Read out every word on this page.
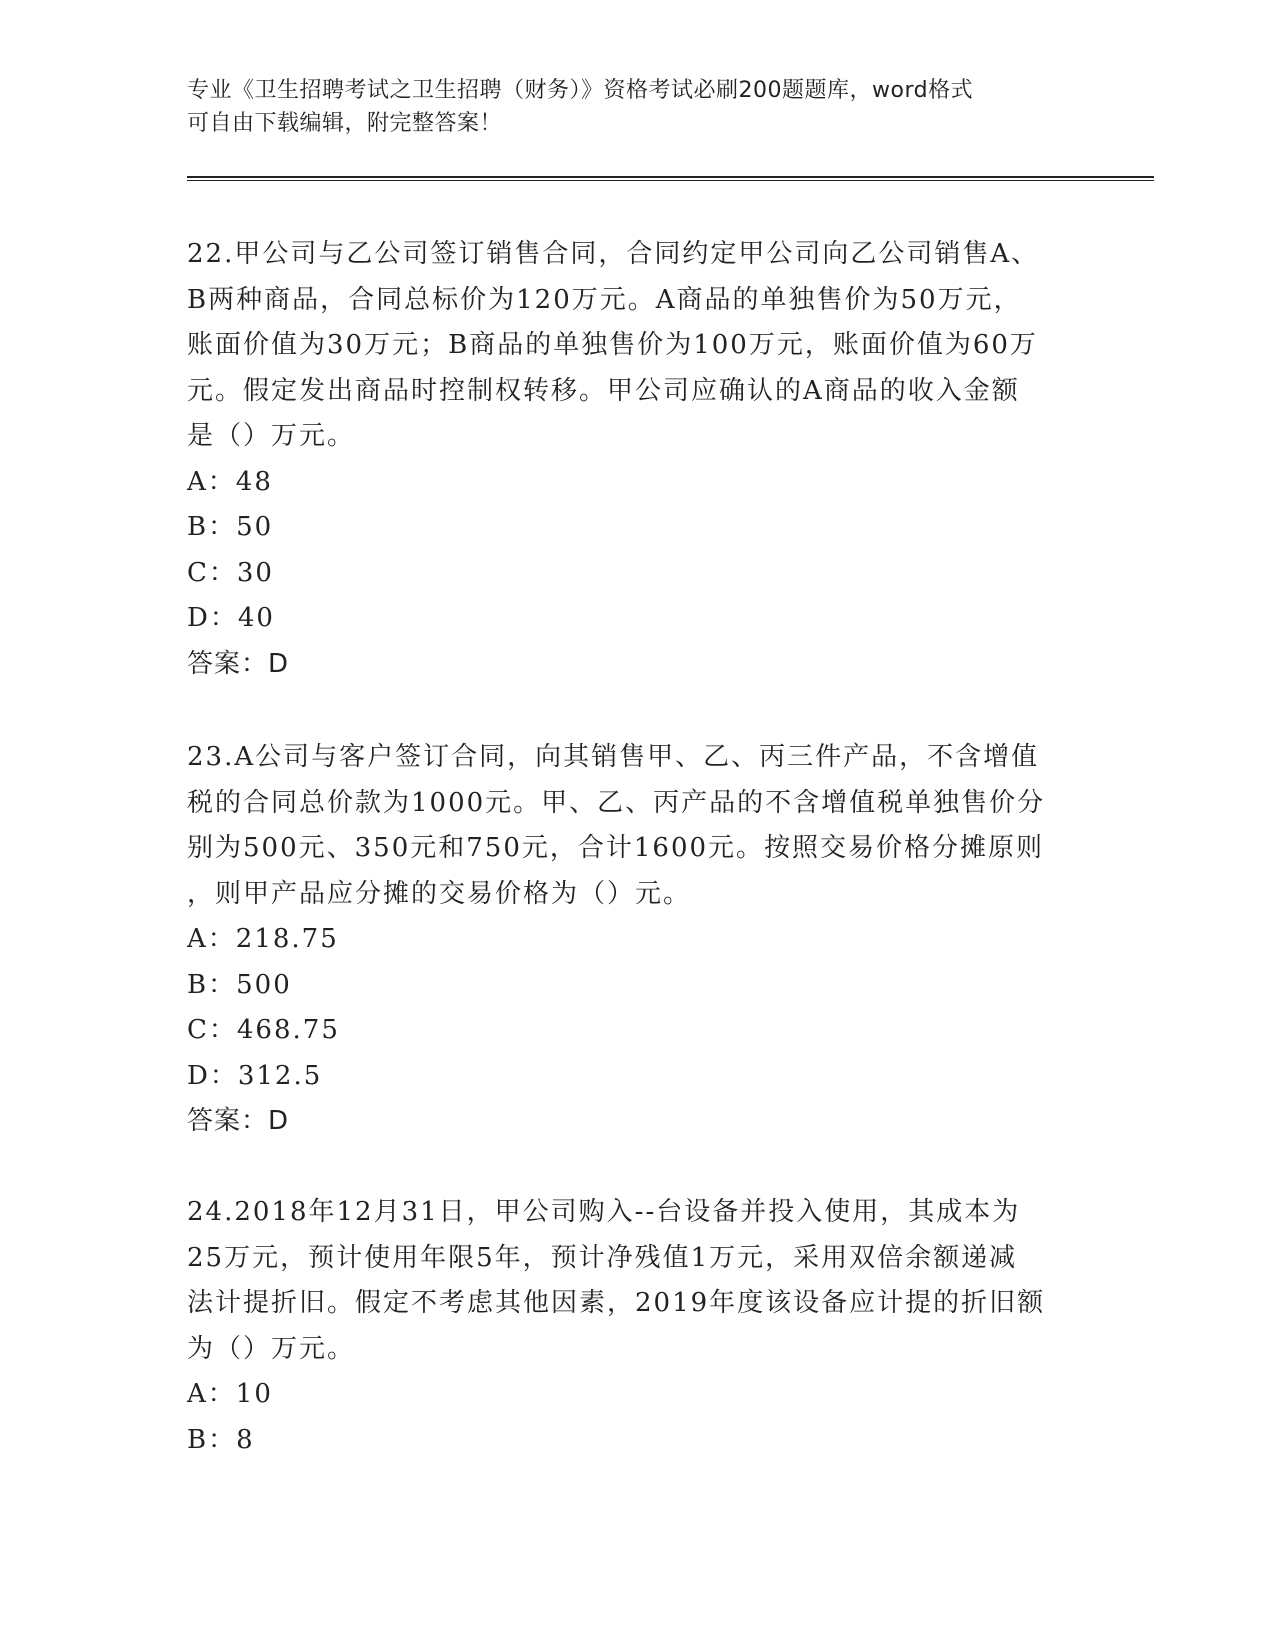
专业《卫生招聘考试之卫生招聘（财务）》资格考试必刷200题题库，word格式
可自由下载编辑，附完整答案！
22.甲公司与乙公司签订销售合同，合同约定甲公司向乙公司销售A、
B两种商品，合同总标价为120万元。A商品的单独售价为50万元，
账面价值为30万元；B商品的单独售价为100万元，账面价值为60万
元。假定发出商品时控制权转移。甲公司应确认的A商品的收入金额
是（）万元。
A：48
B：50
C：30
D：40
答案：D
23.A公司与客户签订合同，向其销售甲、乙、丙三件产品，不含增值
税的合同总价款为1000元。甲、乙、丙产品的不含增值税单独售价分
别为500元、350元和750元，合计1600元。按照交易价格分摊原则
，则甲产品应分摊的交易价格为（）元。
A：218.75
B：500
C：468.75
D：312.5
答案：D
24.2018年12月31日，甲公司购入--台设备并投入使用，其成本为
25万元，预计使用年限5年，预计净残值1万元，采用双倍余额递减
法计提折旧。假定不考虑其他因素，2019年度该设备应计提的折旧额
为（）万元。
A：10
B：8
